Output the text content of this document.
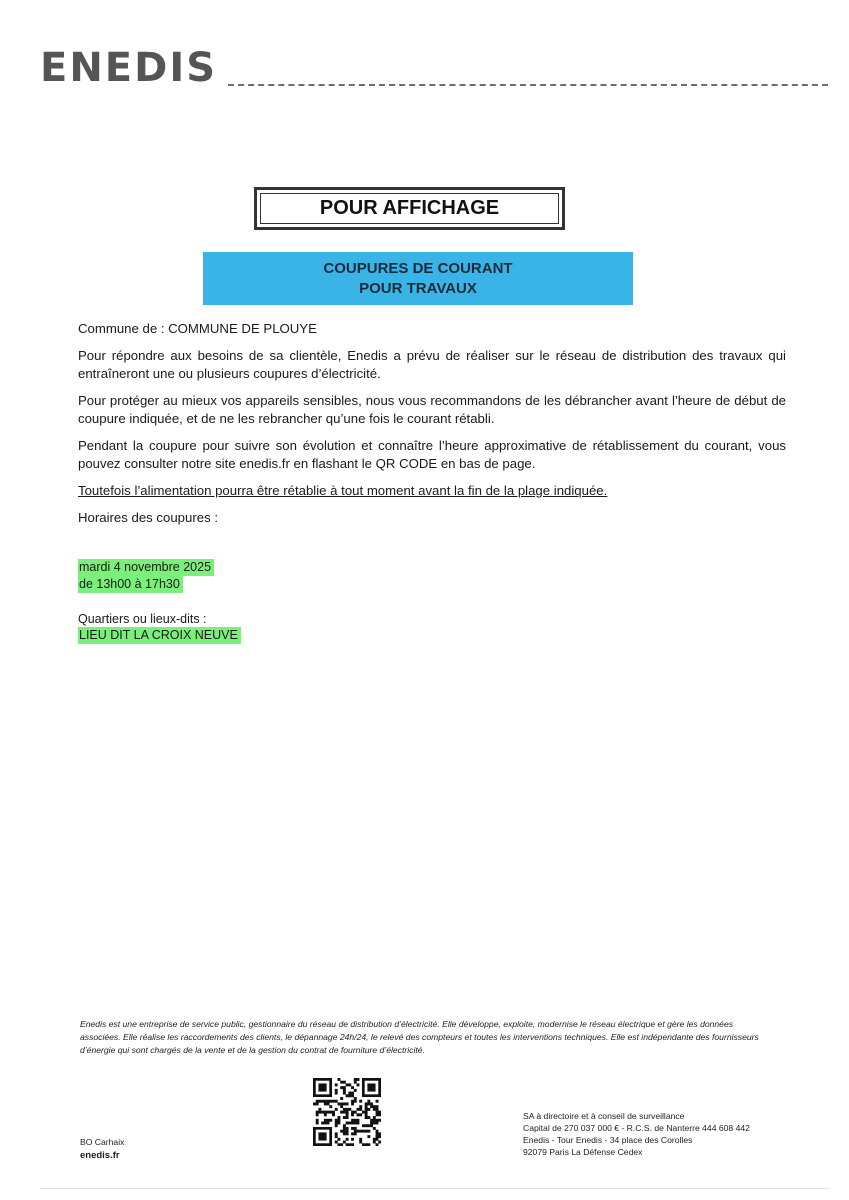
ENEDIS
POUR AFFICHAGE
COUPURES DE COURANT
POUR TRAVAUX

Commune de : COMMUNE DE PLOUYE

Pour répondre aux besoins de sa clientèle, Enedis a prévu de réaliser sur le réseau de distribution des travaux qui entraîneront une ou plusieurs coupures d’électricité.

Pour protéger au mieux vos appareils sensibles, nous vous recommandons de les débrancher avant l’heure de début de coupure indiquée, et de ne les rebrancher qu’une fois le courant rétabli.

Pendant la coupure pour suivre son évolution et connaître l’heure approximative de rétablissement du courant, vous pouvez consulter notre site enedis.fr en flashant le QR CODE en bas de page.

Toutefois l’alimentation pourra être rétablie à tout moment avant la fin de la plage indiquée.

Horaires des coupures :

mardi 4 novembre 2025
de 13h00 à 17h30
Quartiers ou lieux-dits :
LIEU DIT LA CROIX NEUVE
Enedis est une entreprise de service public, gestionnaire du réseau de distribution d’électricité. Elle développe, exploite, modernise le réseau électrique et gère les données associées. Elle réalise les raccordements des clients, le dépannage 24h/24, le relevé des compteurs et toutes les interventions techniques. Elle est indépendante des fournisseurs d’énergie qui sont chargés de la vente et de la gestion du contrat de fourniture d’électricité.
BO Carhaix
enedis.fr
SA à directoire et à conseil de surveillance
Capital de 270 037 000 € - R.C.S. de Nanterre 444 608 442
Enedis - Tour Enedis - 34 place des Corolles
92079 Paris La Défense Cedex
